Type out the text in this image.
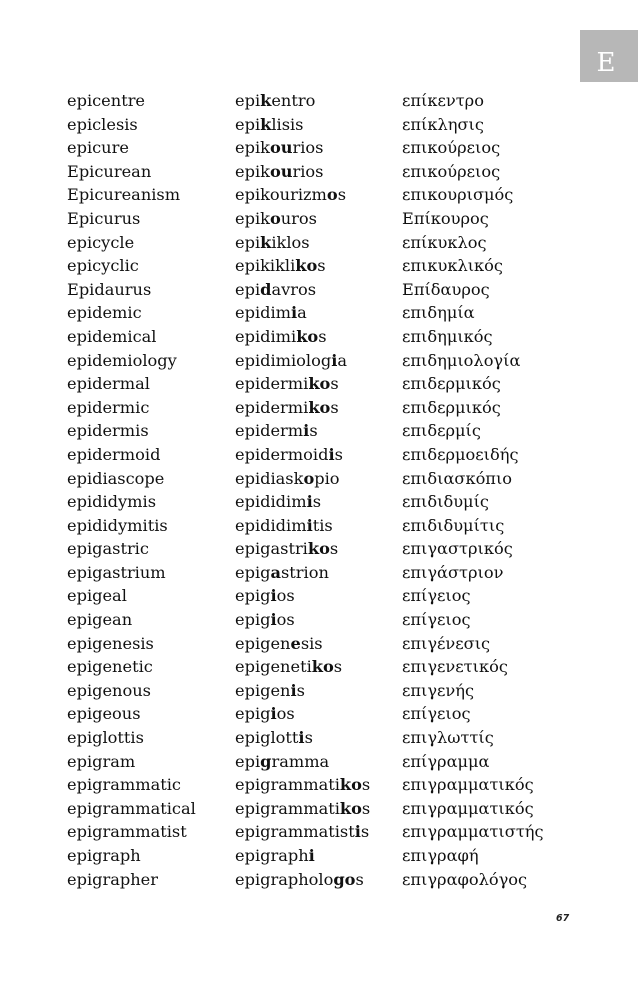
E
epicentre	epikentro	επίκεντρο
epiclesis	epiklisis	επίκλησις
epicure	epikourios	επικούρειος
Epicurean	epikourios	επικούρειος
Epicureanism	epikourizmos	επικουρισμός
Epicurus	epikouros	Επίκουρος
epicycle	epikiklos	επίκυκλος
epicyclic	epikiklikos	επικυκλικός
Epidaurus	epidavros	Επίδαυρος
epidemic	epidimia	επιδημία
epidemical	epidimikos	επιδημικός
epidemiology	epidimiologia	επιδημιολογία
epidermal	epidermikos	επιδερμικός
epidermic	epidermikos	επιδερμικός
epidermis	epidermis	επιδερμίς
epidermoid	epidermoidis	επιδερμοειδής
epidiascope	epidiaskopio	επιδιασκόπιο
epididymis	epididimis	επιδιδυμίς
epididymitis	epididimitis	επιδιδυμίτις
epigastric	epigastrikos	επιγαστρικός
epigastrium	epigastrion	επιγάστριον
epigeal	epigios	επίγειος
epigean	epigios	επίγειος
epigenesis	epigenesis	επιγένεσις
epigenetic	epigenetikos	επιγενετικός
epigenous	epigenis	επιγενής
epigeous	epigios	επίγειος
epiglottis	epiglottis	επιγλωττίς
epigram	epigramma	επίγραμμα
epigrammatic	epigrammatikos επιγραμματικός
epigrammatical epigrammatikos επιγραμματικός
epigrammatist	epigrammatistis επιγραμματιστής
epigraph	epigraphi	επιγραφή
epigrapher	epigraphologos επιγραφολόγος
67
